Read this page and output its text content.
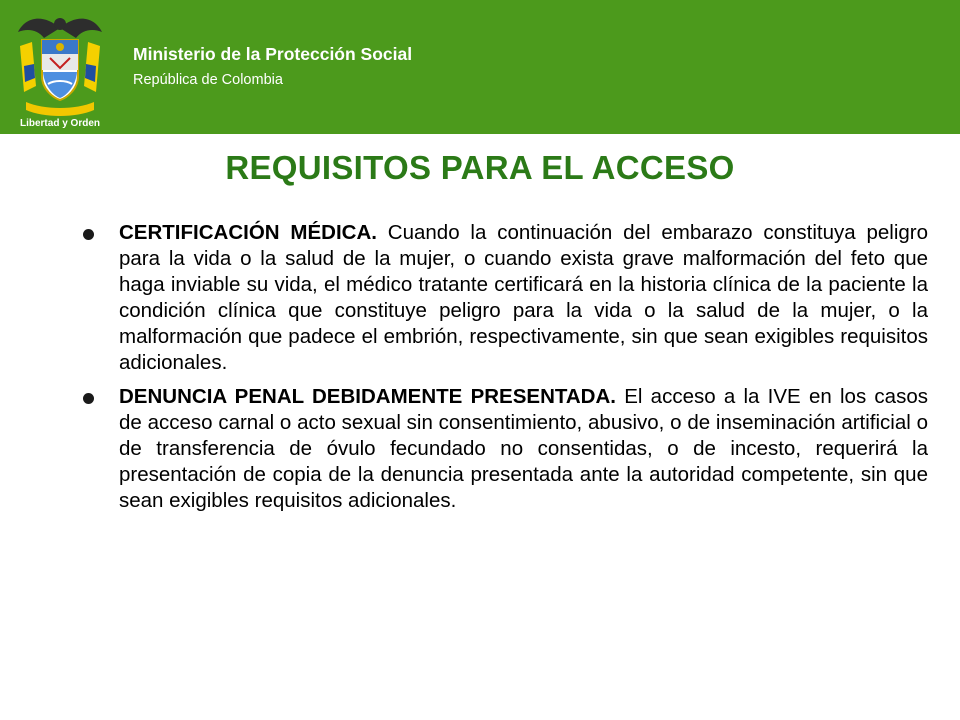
Libertad y Orden
Ministerio de la Protección Social
República de Colombia
REQUISITOS PARA EL ACCESO
CERTIFICACIÓN MÉDICA. Cuando la continuación del embarazo constituya peligro para la vida o la salud de la mujer, o cuando exista grave malformación del feto que haga inviable su vida, el médico tratante certificará en la historia clínica de la paciente la condición clínica que constituye peligro para la vida o la salud de la mujer, o la malformación que padece el embrión, respectivamente, sin que sean exigibles requisitos adicionales.
DENUNCIA PENAL DEBIDAMENTE PRESENTADA. El acceso a la IVE en los casos de acceso carnal o acto sexual sin consentimiento, abusivo, o de inseminación artificial o de transferencia de óvulo fecundado no consentidas, o de incesto, requerirá la presentación de copia de la denuncia presentada ante la autoridad competente, sin que sean exigibles requisitos adicionales.
